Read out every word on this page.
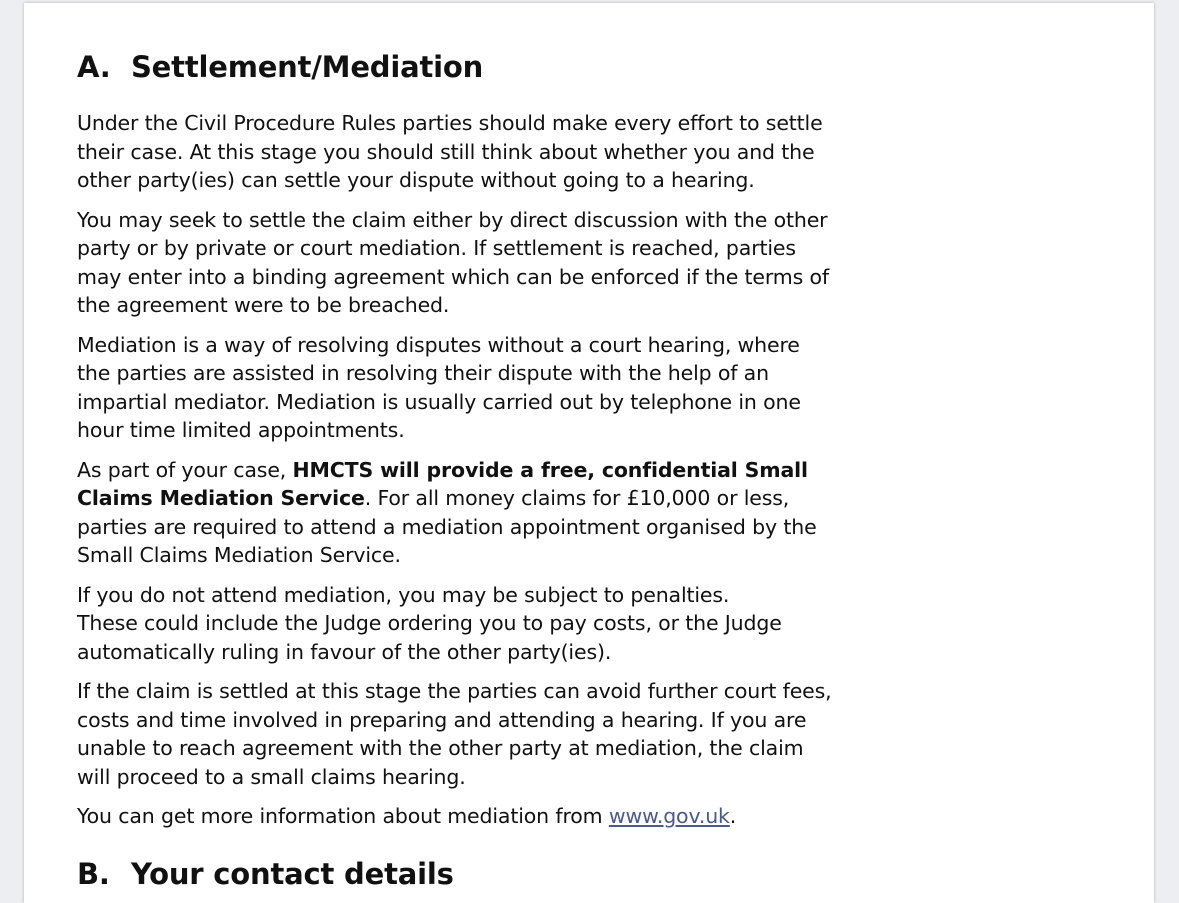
A. Settlement/Mediation

Under the Civil Procedure Rules parties should make every effort to settle their case. At this stage you should still think about whether you and the other party(ies) can settle your dispute without going to a hearing.

You may seek to settle the claim either by direct discussion with the other party or by private or court mediation. If settlement is reached, parties may enter into a binding agreement which can be enforced if the terms of the agreement were to be breached.

Mediation is a way of resolving disputes without a court hearing, where the parties are assisted in resolving their dispute with the help of an impartial mediator. Mediation is usually carried out by telephone in one hour time limited appointments.

As part of your case, HMCTS will provide a free, confidential Small Claims Mediation Service. For all money claims for £10,000 or less, parties are required to attend a mediation appointment organised by the Small Claims Mediation Service.

If you do not attend mediation, you may be subject to penalties.
These could include the Judge ordering you to pay costs, or the Judge automatically ruling in favour of the other party(ies).

If the claim is settled at this stage the parties can avoid further court fees, costs and time involved in preparing and attending a hearing. If you are unable to reach agreement with the other party at mediation, the claim will proceed to a small claims hearing.

You can get more information about mediation from www.gov.uk.

B. Your contact details
